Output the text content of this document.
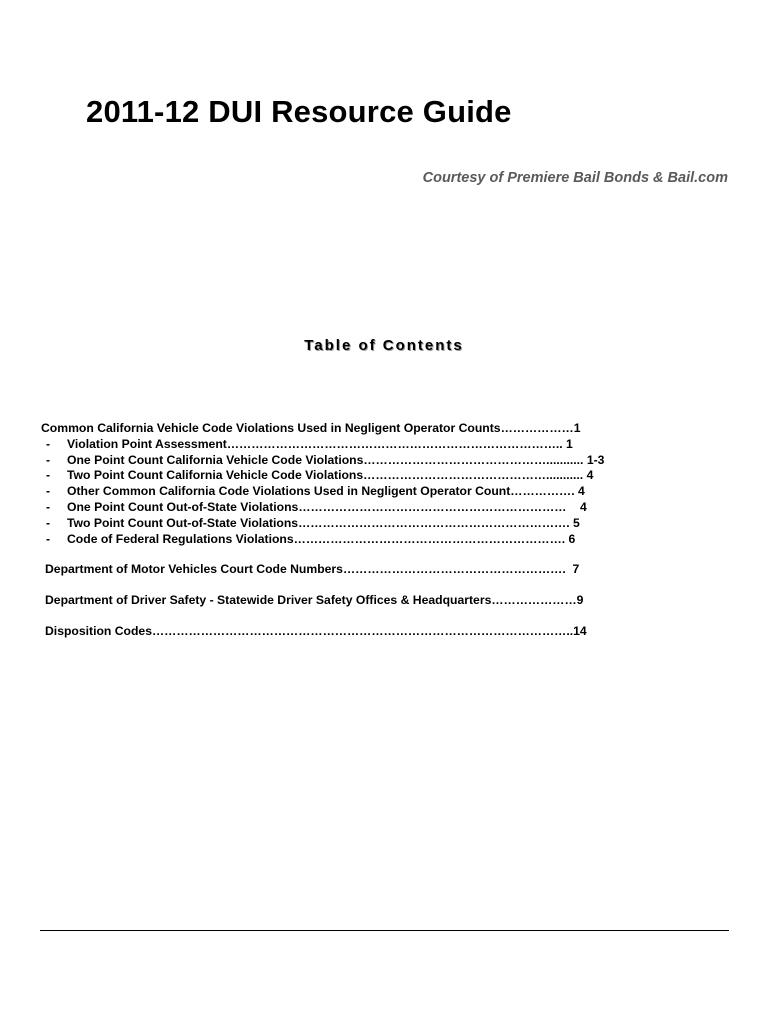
2011-12 DUI Resource Guide
Courtesy of Premiere Bail Bonds & Bail.com
Table of Contents
Common California Vehicle Code Violations Used in Negligent Operator Counts………………1
- Violation Point Assessment……………………………………………………………………….. 1
- One Point Count California Vehicle Code Violations………………………………………........... 1-3
- Two Point Count California Vehicle Code Violations………………………………………........... 4
- Other Common California Code Violations Used in Negligent Operator Count……………. 4
- One Point Count Out-of-State Violations…………………………………………………………    4
- Two Point Count Out-of-State Violations…………………………………………………………. 5
- Code of Federal Regulations Violations…………………………………………………………. 6
Department of Motor Vehicles Court Code Numbers……………………………………………….  7
Department of Driver Safety - Statewide Driver Safety Offices & Headquarters…………………9
Disposition Codes…………………………………………………………………………………………..14
